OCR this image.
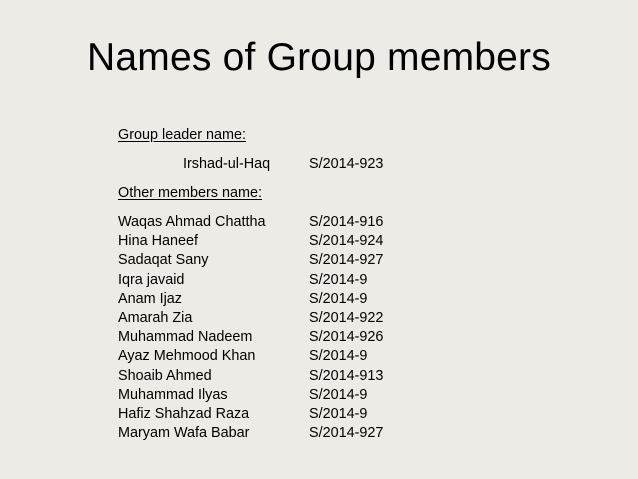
Names of Group members
Group leader name:
Irshad-ul-Haq	S/2014-923
Other members name:
Waqas Ahmad Chattha	S/2014-916
Hina Haneef	S/2014-924
Sadaqat Sany	S/2014-927
Iqra javaid	S/2014-9
Anam Ijaz	S/2014-9
Amarah Zia	S/2014-922
Muhammad Nadeem	S/2014-926
Ayaz Mehmood Khan	S/2014-9
Shoaib Ahmed	S/2014-913
Muhammad Ilyas	S/2014-9
Hafiz Shahzad Raza	S/2014-9
Maryam Wafa Babar	S/2014-927
